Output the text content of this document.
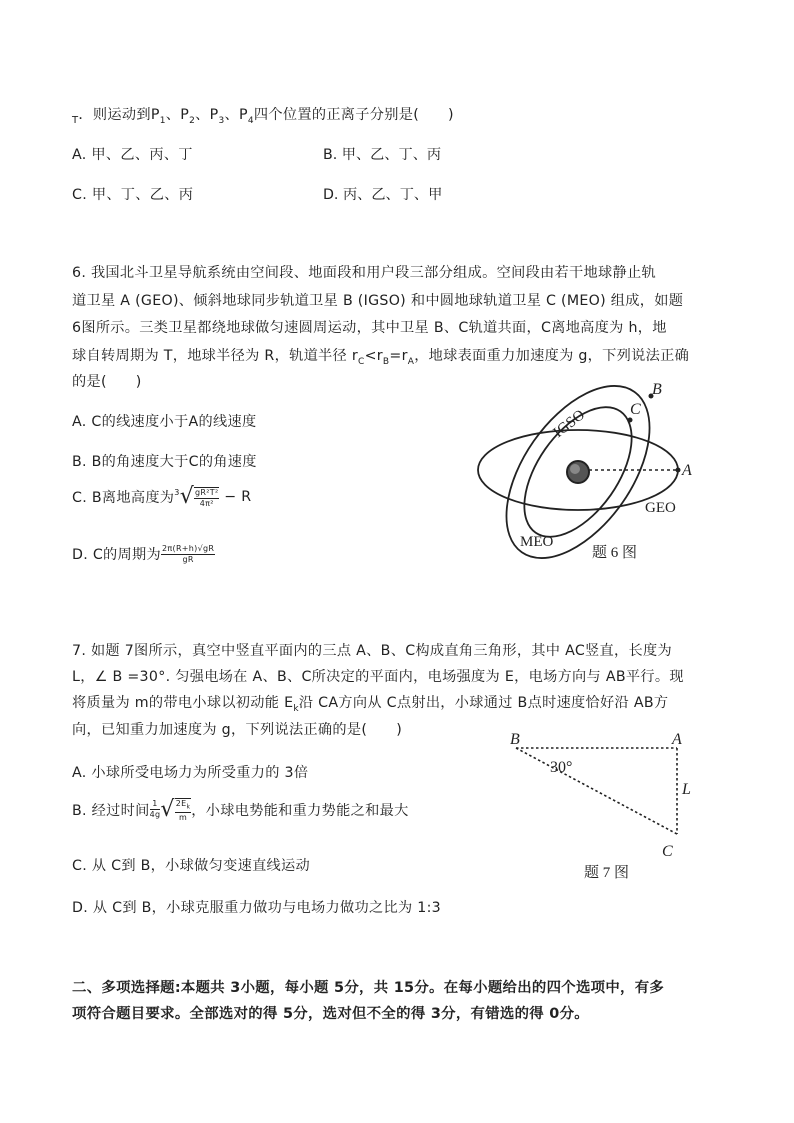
$_T$．则运动到$P_1$、$P_2$、$P_3$、$P_4$四个位置的正离子分别是(　　)
A. 甲、乙、丙、丁	B. 甲、乙、丁、丙
C. 甲、丁、乙、丙	D. 丙、乙、丁、甲
6. 我国北斗卫星导航系统由空间段、地面段和用户段三部分组成。空间段由若干地球静止轨
道卫星 A (GEO)、倾斜地球同步轨道卫星 B (IGSO) 和中圆地球轨道卫星 C (MEO) 组成，如题
6图所示。三类卫星都绕地球做匀速圆周运动，其中卫星 B、C轨道共面，C离地高度为 h，地
球自转周期为 T，地球半径为 R，轨道半径 $r_C<r_B=r_A$，地球表面重力加速度为 g，下列说法正确
的是(　　)
A. C的线速度小于A的线速度
B. B的角速度大于C的角速度
C. B离地高度为$^3√ \frac{\text{gR²T²}}{\text{4π²}} - R$
D. C的周期为 $\frac{2\pi(R+h)√gR}{gR}$
B
C
A
IGSO
GEO
MEO
题 6 图
7. 如题 7图所示，真空中竖直平面内的三点 A、B、C构成直角三角形，其中 AC竖直，长度为
L，∠ B =30°. 匀强电场在 A、B、C所决定的平面内，电场强度为 E，电场方向与 AB平行。现
将质量为 m的带电小球以初动能 $E_k$沿 CA方向从 C点射出，小球通过 B点时速度恰好沿 AB方
向，已知重力加速度为 g，下列说法正确的是(　　)
A. 小球所受电场力为所受重力的 3倍
B. 经过时间 $\frac{1}{4g}$ √ $\frac{2E_k}{m}$ ，小球电势能和重力势能之和最大
C. 从 C到 B，小球做匀变速直线运动
D. 从 C到 B，小球克服重力做功与电场力做功之比为 1:3
B	A
C
L
30°
题 7 图
二、多项选择题:本题共 3小题，每小题 5分，共 15分。在每小题给出的四个选项中，有多
项符合题目要求。全部选对的得 5分，选对但不全的得 3分，有错选的得 0分。
